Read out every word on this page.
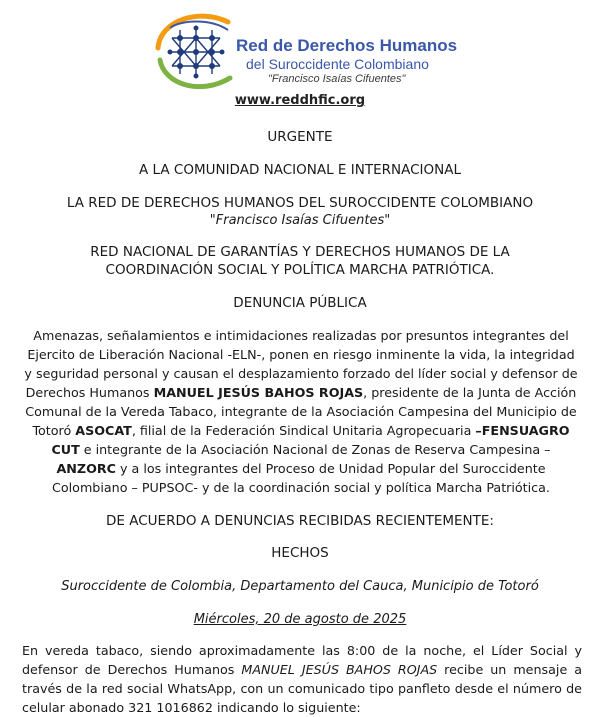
Red de Derechos Humanos
del Suroccidente Colombiano
"Francisco Isaías Cifuentes"
www.reddhfic.org
URGENTE
A LA COMUNIDAD NACIONAL E INTERNACIONAL
LA RED DE DERECHOS HUMANOS DEL SUROCCIDENTE COLOMBIANO
"Francisco Isaías Cifuentes"
RED NACIONAL DE GARANTÍAS Y DERECHOS HUMANOS DE LA
COORDINACIÓN SOCIAL Y POLÍTICA MARCHA PATRIÓTICA.
DENUNCIA PÚBLICA
Amenazas, señalamientos e intimidaciones realizadas por presuntos integrantes del Ejercito de Liberación Nacional -ELN-, ponen en riesgo inminente la vida, la integridad y seguridad personal y causan el desplazamiento forzado del líder social y defensor de Derechos Humanos MANUEL JESÚS BAHOS ROJAS, presidente de la Junta de Acción Comunal de la Vereda Tabaco, integrante de la Asociación Campesina del Municipio de Totoró ASOCAT, filial de la Federación Sindical Unitaria Agropecuaria –FENSUAGRO CUT e integrante de la Asociación Nacional de Zonas de Reserva Campesina – ANZORC y a los integrantes del Proceso de Unidad Popular del Suroccidente Colombiano – PUPSOC- y de la coordinación social y política Marcha Patriótica.
DE ACUERDO A DENUNCIAS RECIBIDAS RECIENTEMENTE:
HECHOS
Suroccidente de Colombia, Departamento del Cauca, Municipio de Totoró
Miércoles, 20 de agosto de 2025
En vereda tabaco, siendo aproximadamente las 8:00 de la noche, el Líder Social y defensor de Derechos Humanos MANUEL JESÚS BAHOS ROJAS recibe un mensaje a través de la red social WhatsApp, con un comunicado tipo panfleto desde el número de celular abonado 321 1016862 indicando lo siguiente:
